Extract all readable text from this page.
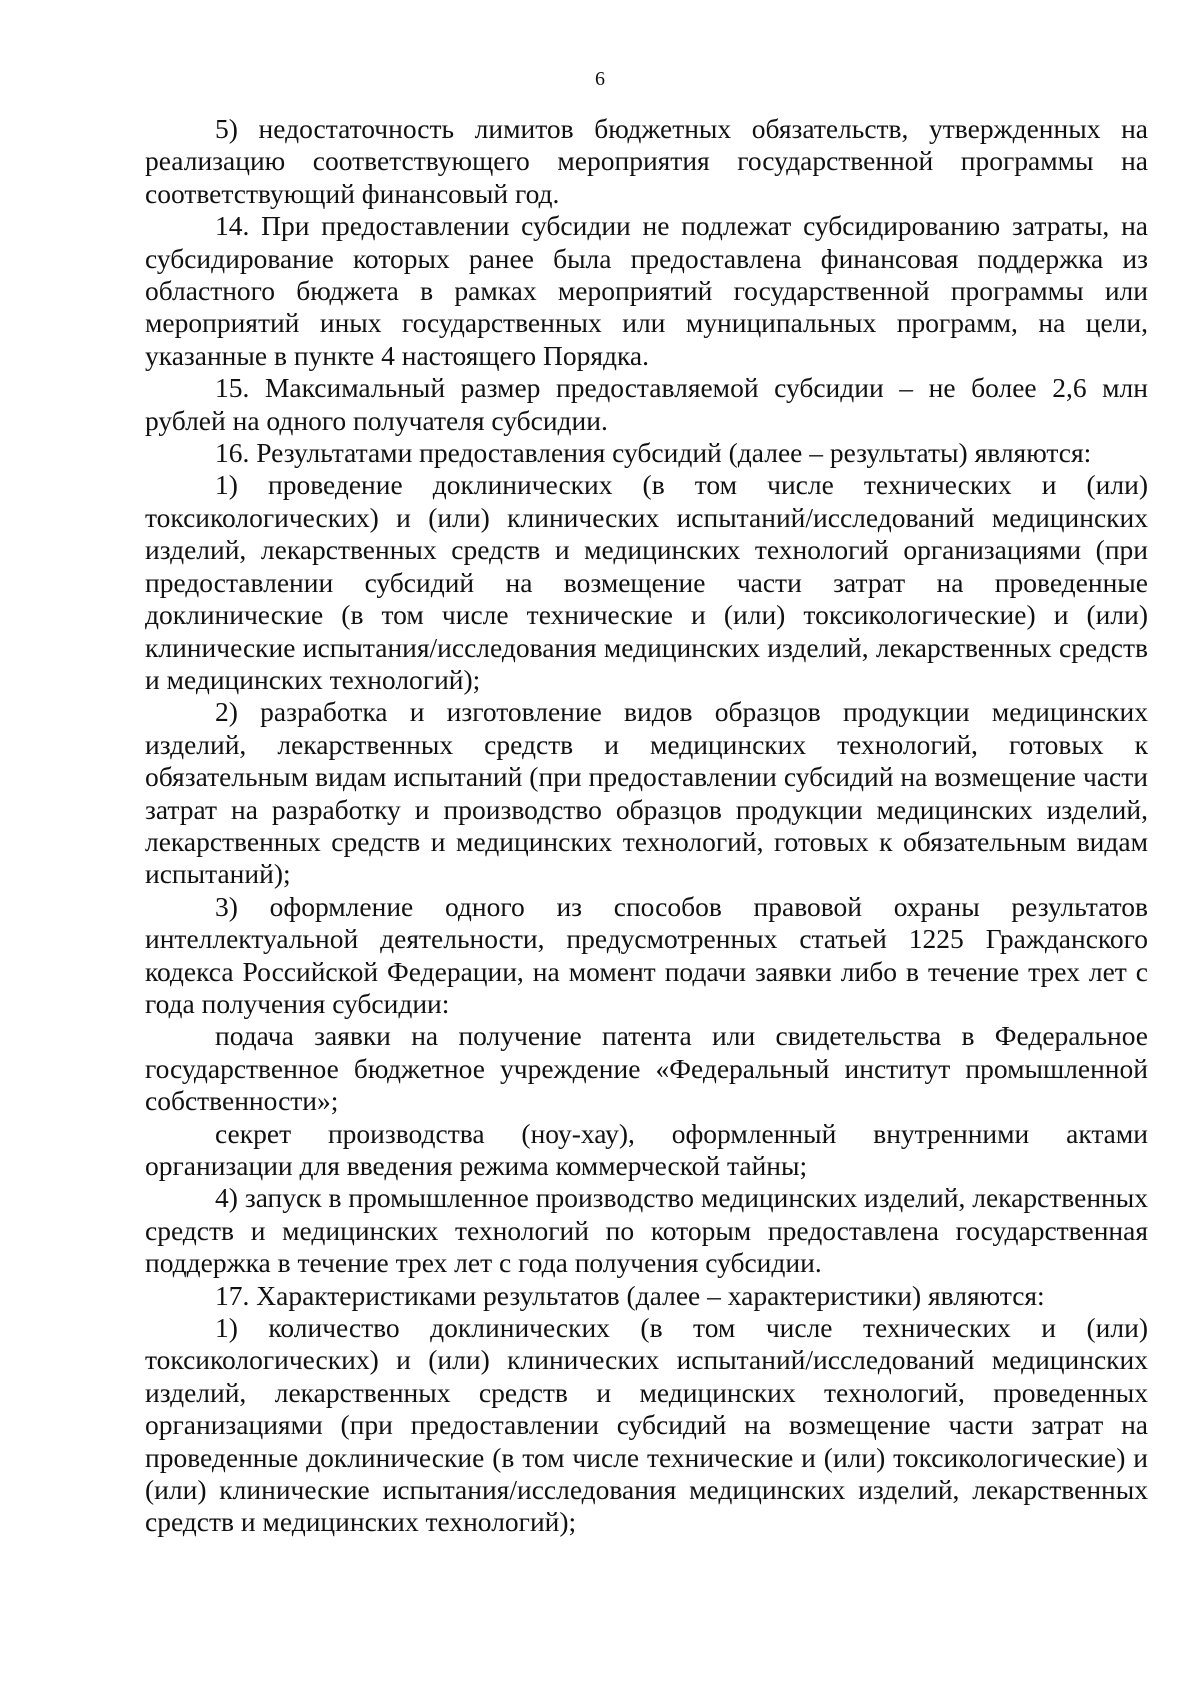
6

5) недостаточность лимитов бюджетных обязательств, утвержденных на реализацию соответствующего мероприятия государственной программы на соответствующий финансовый год.

14. При предоставлении субсидии не подлежат субсидированию затраты, на субсидирование которых ранее была предоставлена финансовая поддержка из областного бюджета в рамках мероприятий государственной программы или мероприятий иных государственных или муниципальных программ, на цели, указанные в пункте 4 настоящего Порядка.

15. Максимальный размер предоставляемой субсидии – не более 2,6 млн рублей на одного получателя субсидии.

16. Результатами предоставления субсидий (далее – результаты) являются:

1) проведение доклинических (в том числе технических и (или) токсикологических) и (или) клинических испытаний/исследований медицинских изделий, лекарственных средств и медицинских технологий организациями (при предоставлении субсидий на возмещение части затрат на проведенные доклинические (в том числе технические и (или) токсикологические) и (или) клинические испытания/исследования медицинских изделий, лекарственных средств и медицинских технологий);

2) разработка и изготовление видов образцов продукции медицинских изделий, лекарственных средств и медицинских технологий, готовых к обязательным видам испытаний (при предоставлении субсидий на возмещение части затрат на разработку и производство образцов продукции медицинских изделий, лекарственных средств и медицинских технологий, готовых к обязательным видам испытаний);

3) оформление одного из способов правовой охраны результатов интеллектуальной деятельности, предусмотренных статьей 1225 Гражданского кодекса Российской Федерации, на момент подачи заявки либо в течение трех лет с года получения субсидии:

подача заявки на получение патента или свидетельства в Федеральное государственное бюджетное учреждение «Федеральный институт промышленной собственности»;

секрет производства (ноу-хау), оформленный внутренними актами организации для введения режима коммерческой тайны;

4) запуск в промышленное производство медицинских изделий, лекарственных средств и медицинских технологий по которым предоставлена государственная поддержка в течение трех лет с года получения субсидии.

17. Характеристиками результатов (далее – характеристики) являются:

1) количество доклинических (в том числе технических и (или) токсикологических) и (или) клинических испытаний/исследований медицинских изделий, лекарственных средств и медицинских технологий, проведенных организациями (при предоставлении субсидий на возмещение части затрат на проведенные доклинические (в том числе технические и (или) токсикологические) и (или) клинические испытания/исследования медицинских изделий, лекарственных средств и медицинских технологий);
